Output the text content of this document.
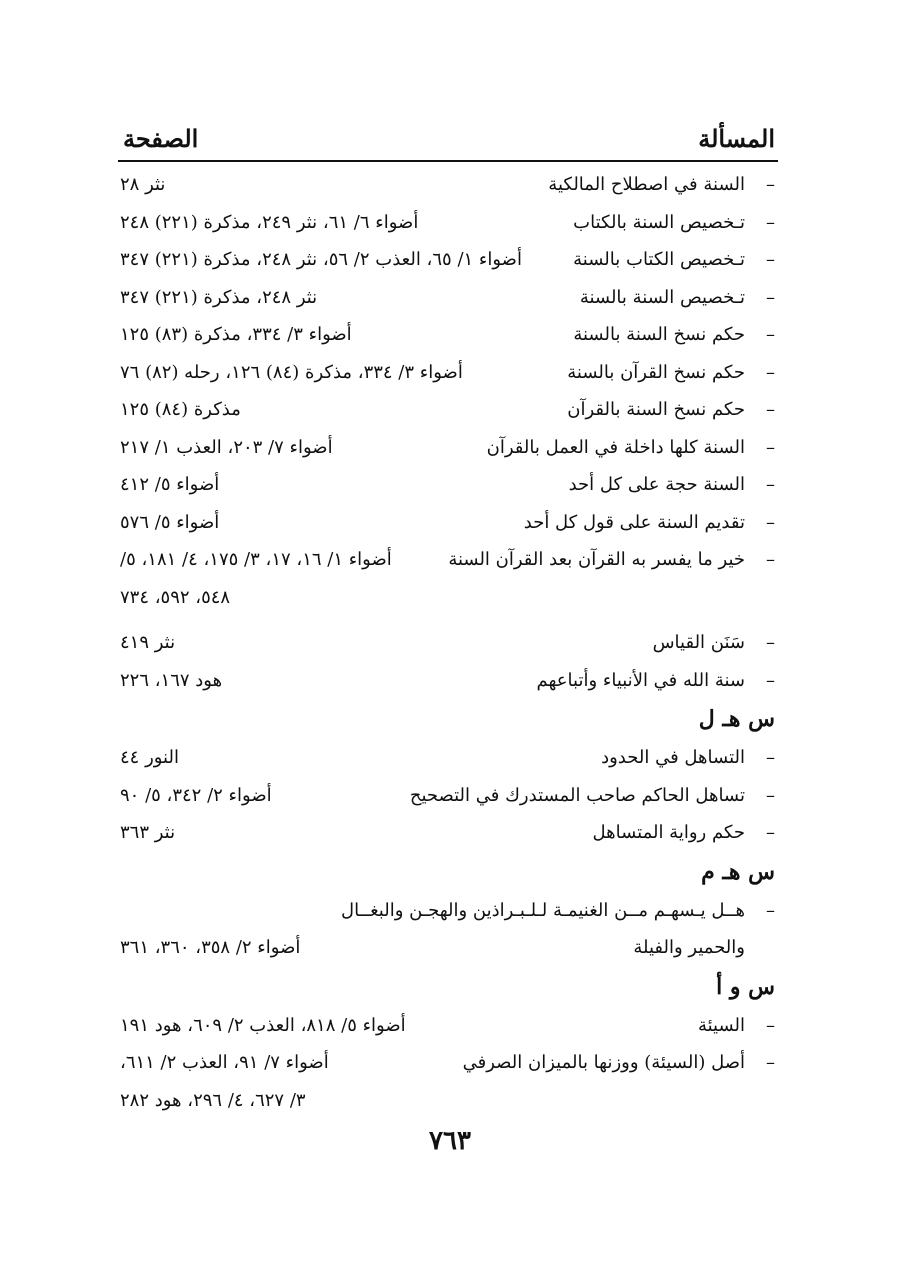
المسألة
الصفحة
–
السنة في اصطلاح المالكية
نثر ٢٨
–
تـخصيص السنة بالكتاب
أضواء ٦/ ٦١، نثر ٢٤٩، مذكرة (٢٢١) ٢٤٨
–
تـخصيص الكتاب بالسنة
أضواء ١/ ٦٥، العذب ٢/ ٥٦، نثر ٢٤٨، مذكرة (٢٢١) ٣٤٧
–
تـخصيص السنة بالسنة
نثر ٢٤٨، مذكرة (٢٢١) ٣٤٧
–
حكم نسخ السنة بالسنة
أضواء ٣/ ٣٣٤، مذكرة (٨٣) ١٢٥
–
حكم نسخ القرآن بالسنة
أضواء ٣/ ٣٣٤، مذكرة (٨٤) ١٢٦، رحله (٨٢) ٧٦
–
حكم نسخ السنة بالقرآن
مذكرة (٨٤) ١٢٥
–
السنة كلها داخلة في العمل بالقرآن
أضواء ٧/ ٢٠٣، العذب ١/ ٢١٧
–
السنة حجة على كل أحد
أضواء ٥/ ٤١٢
–
تقديم السنة على قول كل أحد
أضواء ٥/ ٥٧٦
–
خير ما يفسر به القرآن بعد القرآن السنة
أضواء ١/ ١٦، ١٧، ٣/ ١٧٥، ٤/ ١٨١، ٥/
٥٤٨، ٥٩٢، ٧٣٤
–
سَنَن القياس
نثر ٤١٩
–
سنة الله في الأنبياء وأتباعهم
هود ١٦٧، ٢٢٦
س هـ ل
–
التساهل في الحدود
النور ٤٤
–
تساهل الحاكم صاحب المستدرك في التصحيح
أضواء ٢/ ٣٤٢، ٥/ ٩٠
–
حكم رواية المتساهل
نثر ٣٦٣
س هـ م
–
هــل يـسهـم مــن الغنيمـة لـلـبـراذين والهجـن والبغــال
والحمير والفيلة
أضواء ٢/ ٣٥٨، ٣٦٠، ٣٦١
س و أ
–
السيئة
أضواء ٥/ ٨١٨، العذب ٢/ ٦٠٩، هود ١٩١
–
أصل (السيئة) ووزنها بالميزان الصرفي
أضواء ٧/ ٩١، العذب ٢/ ٦١١،
٣/ ٦٢٧، ٤/ ٢٩٦، هود ٢٨٢
٧٦٣
